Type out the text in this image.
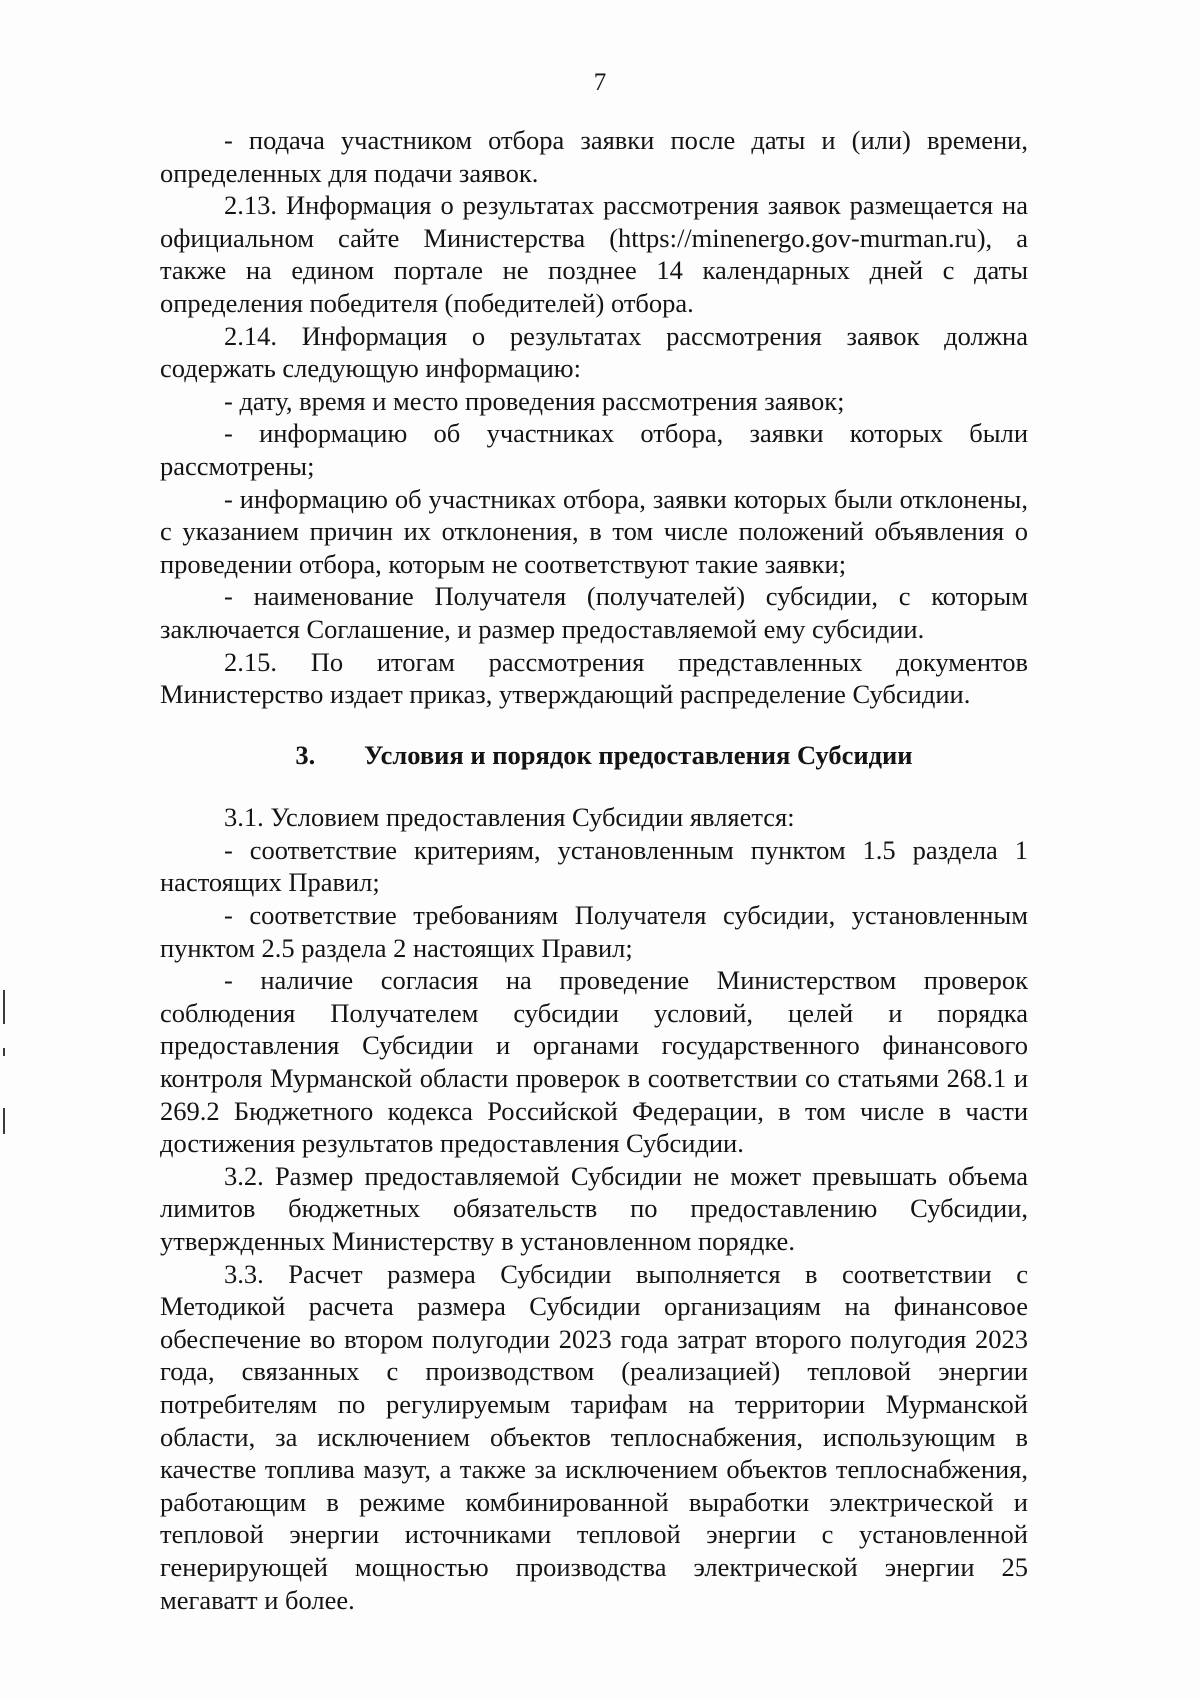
7

- подача участником отбора заявки после даты и (или) времени, определенных для подачи заявок.

2.13. Информация о результатах рассмотрения заявок размещается на официальном сайте Министерства (https://minenergo.gov-murman.ru), а также на едином портале не позднее 14 календарных дней с даты определения победителя (победителей) отбора.

2.14. Информация о результатах рассмотрения заявок должна содержать следующую информацию:

- дату, время и место проведения рассмотрения заявок;

- информацию об участниках отбора, заявки которых были рассмотрены;

- информацию об участниках отбора, заявки которых были отклонены, с указанием причин их отклонения, в том числе положений объявления о проведении отбора, которым не соответствуют такие заявки;

- наименование Получателя (получателей) субсидии, с которым заключается Соглашение, и размер предоставляемой ему субсидии.

2.15. По итогам рассмотрения представленных документов Министерство издает приказ, утверждающий распределение Субсидии.

3. Условия и порядок предоставления Субсидии

3.1. Условием предоставления Субсидии является:

- соответствие критериям, установленным пунктом 1.5 раздела 1 настоящих Правил;

- соответствие требованиям Получателя субсидии, установленным пунктом 2.5 раздела 2 настоящих Правил;

- наличие согласия на проведение Министерством проверок соблюдения Получателем субсидии условий, целей и порядка предоставления Субсидии и органами государственного финансового контроля Мурманской области проверок в соответствии со статьями 268.1 и 269.2 Бюджетного кодекса Российской Федерации, в том числе в части достижения результатов предоставления Субсидии.

3.2. Размер предоставляемой Субсидии не может превышать объема лимитов бюджетных обязательств по предоставлению Субсидии, утвержденных Министерству в установленном порядке.

3.3. Расчет размера Субсидии выполняется в соответствии с Методикой расчета размера Субсидии организациям на финансовое обеспечение во втором полугодии 2023 года затрат второго полугодия 2023 года, связанных с производством (реализацией) тепловой энергии потребителям по регулируемым тарифам на территории Мурманской области, за исключением объектов теплоснабжения, использующим в качестве топлива мазут, а также за исключением объектов теплоснабжения, работающим в режиме комбинированной выработки электрической и тепловой энергии источниками тепловой энергии с установленной генерирующей мощностью производства электрической энергии 25 мегаватт и более.
